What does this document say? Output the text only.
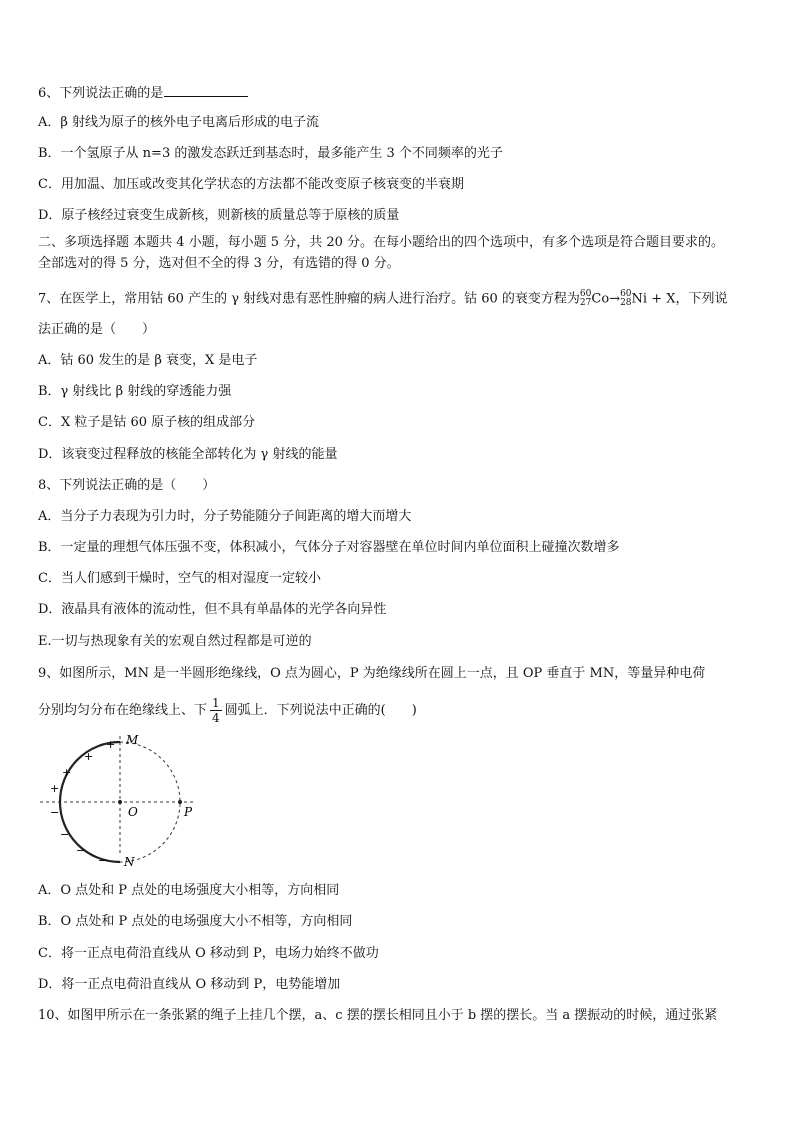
6、下列说法正确的是
A．β 射线为原子的核外电子电离后形成的电子流
B．一个氢原子从 n=3 的激发态跃迁到基态时，最多能产生 3 个不同频率的光子
C．用加温、加压或改变其化学状态的方法都不能改变原子核衰变的半衰期
D．原子核经过衰变生成新核，则新核的质量总等于原核的质量
二、多项选择题 本题共 4 小题，每小题 5 分，共 20 分。在每小题给出的四个选项中，有多个选项是符合题目要求的。
全部选对的得 5 分，选对但不全的得 3 分，有选错的得 0 分。
7、在医学上，常用钴 60 产生的 γ 射线对患有恶性肿瘤的病人进行治疗。钴 60 的衰变方程为 60
27 Co→ 60
28 Ni + X，下列说
法正确的是（　　）
A．钴 60 发生的是 β 衰变，X 是电子
B．γ 射线比 β 射线的穿透能力强
C．X 粒子是钴 60 原子核的组成部分
D．该衰变过程释放的核能全部转化为 γ 射线的能量
8、下列说法正确的是（　　）
A．当分子力表现为引力时，分子势能随分子间距离的增大而增大
B．一定量的理想气体压强不变，体积减小，气体分子对容器壁在单位时间内单位面积上碰撞次数增多
C．当人们感到干燥时，空气的相对湿度一定较小
D．液晶具有液体的流动性，但不具有单晶体的光学各向异性
E.一切与热现象有关的宏观自然过程都是可逆的
9、如图所示，MN 是一半圆形绝缘线，O 点为圆心，P 为绝缘线所在圆上一点，且 OP 垂直于 MN，等量异种电荷
分别均匀分布在绝缘线上、下 $\frac{1}{4}$ 圆弧上．下列说法中正确的(　　)
M
N
O	P
+
+
+
+
−
−
−
−
A．O 点处和 P 点处的电场强度大小相等，方向相同
B．O 点处和 P 点处的电场强度大小不相等，方向相同
C．将一正点电荷沿直线从 O 移动到 P，电场力始终不做功
D．将一正点电荷沿直线从 O 移动到 P，电势能增加
10、如图甲所示在一条张紧的绳子上挂几个摆，a、c 摆的摆长相同且小于 b 摆的摆长。当 a 摆振动的时候，通过张紧
